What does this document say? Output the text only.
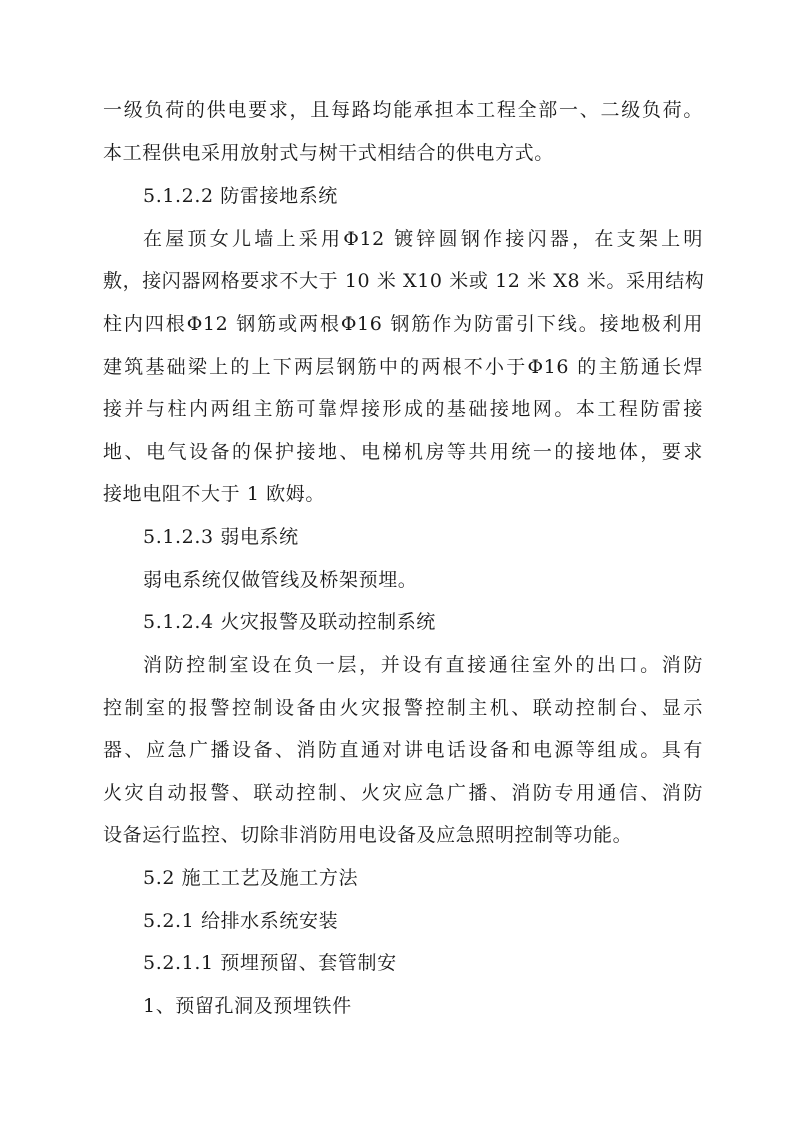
一级负荷的供电要求，且每路均能承担本工程全部一、二级负荷。
本工程供电采用放射式与树干式相结合的供电方式。
5.1.2.2 防雷接地系统
在屋顶女儿墙上采用Φ12 镀锌圆钢作接闪器，在支架上明
敷，接闪器网格要求不大于 10 米 X10 米或 12 米 X8 米。采用结构
柱内四根Φ12 钢筋或两根Φ16 钢筋作为防雷引下线。接地极利用
建筑基础梁上的上下两层钢筋中的两根不小于Φ16 的主筋通长焊
接并与柱内两组主筋可靠焊接形成的基础接地网。本工程防雷接
地、电气设备的保护接地、电梯机房等共用统一的接地体，要求
接地电阻不大于 1 欧姆。
5.1.2.3 弱电系统
弱电系统仅做管线及桥架预埋。
5.1.2.4 火灾报警及联动控制系统
消防控制室设在负一层，并设有直接通往室外的出口。消防
控制室的报警控制设备由火灾报警控制主机、联动控制台、显示
器、应急广播设备、消防直通对讲电话设备和电源等组成。具有
火灾自动报警、联动控制、火灾应急广播、消防专用通信、消防
设备运行监控、切除非消防用电设备及应急照明控制等功能。
5.2 施工工艺及施工方法
5.2.1 给排水系统安装
5.2.1.1 预埋预留、套管制安
1、预留孔洞及预埋铁件
